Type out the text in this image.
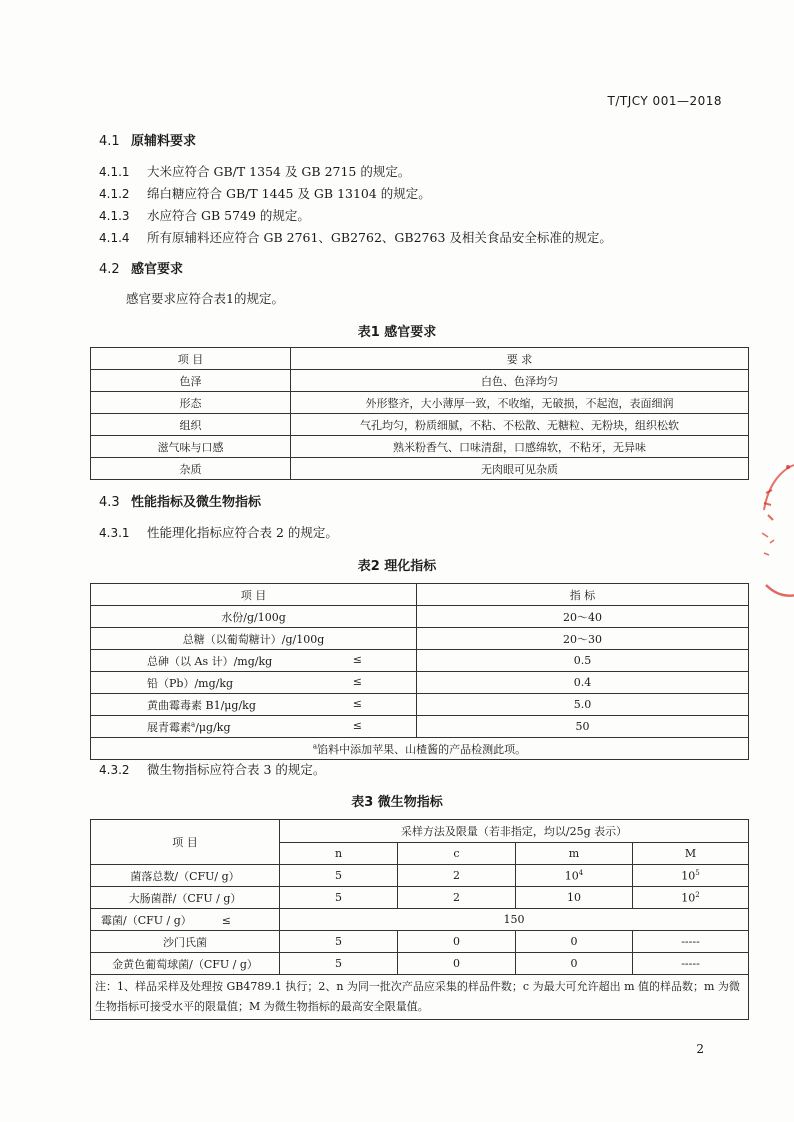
T/TJCY 001—2018
4.1 原辅料要求
4.1.1 大米应符合 GB/T 1354 及 GB 2715 的规定。
4.1.2 绵白糖应符合 GB/T 1445 及 GB 13104 的规定。
4.1.3 水应符合 GB 5749 的规定。
4.1.4 所有原辅料还应符合 GB 2761、GB2762、GB2763 及相关食品安全标准的规定。
4.2 感官要求
感官要求应符合表1的规定。
表1 感官要求
项 目	要 求
色泽	白色、色泽均匀
形态	外形整齐，大小薄厚一致，不收缩，无破损，不起泡，表面细润
组织	气孔均匀，粉质细腻，不粘、不松散、无糖粒、无粉块，组织松软
滋气味与口感	熟米粉香气、口味清甜，口感绵软，不粘牙，无异味
杂质	无肉眼可见杂质
4.3 性能指标及微生物指标
4.3.1 性能理化指标应符合表 2 的规定。
表2 理化指标
项 目	指 标
水份/g/100g	20～40
总糖（以葡萄糖计）/g/100g	20～30

总砷（以 As 计）/mg/kg ≤	0.5

铅（Pb）/mg/kg ≤	0.4

黄曲霉毒素 B1/μg/kg ≤	5.0

展青霉素$^a$/μg/kg ≤	50
$^a$馅料中添加苹果、山楂酱的产品检测此项。	
4.3.2 微生物指标应符合表 3 的规定。
表3 微生物指标
项 目	采样方法及限量（若非指定，均以/25g 表示）			
	n	c	m	M
菌落总数/（CFU/ g）	5	2	$10^4$	$10^5$
大肠菌群/（CFU / g）	5	2	10	$10^2$
霉菌/（CFU / g） ≤	150			
沙门氏菌	5	0	0	-----
金黄色葡萄球菌/（CFU / g）	5	0	0	-----
注：1、样品采样及处理按 GB4789.1 执行；2、n 为同一批次产品应采集的样品件数；c 为最大可允许超出 m 值的样品数；m 为微生物指标可接受水平的限量值；M 为微生物指标的最高安全限量值。				
2
